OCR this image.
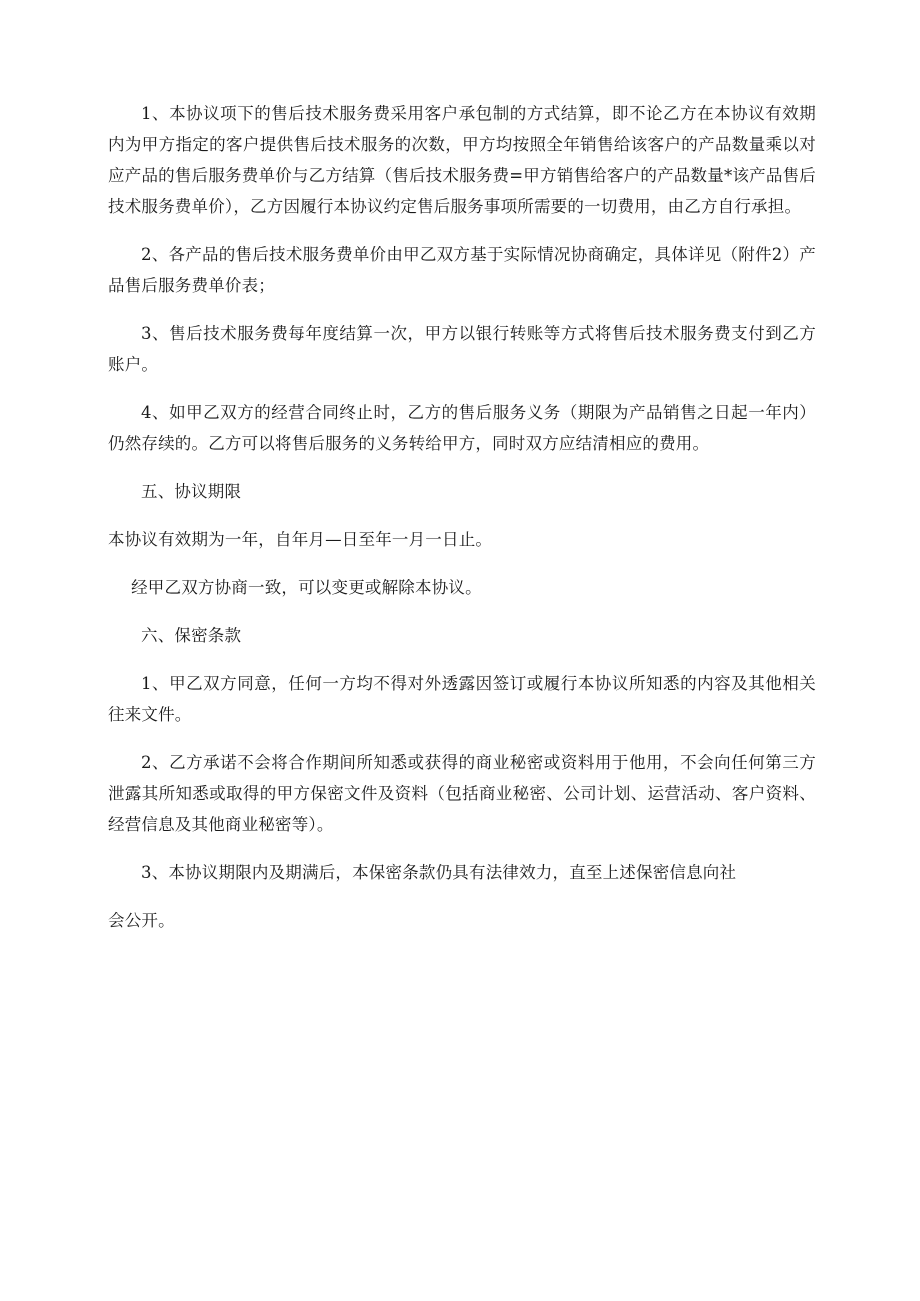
1、本协议项下的售后技术服务费采用客户承包制的方式结算，即不论乙方在本协议有效期内为甲方指定的客户提供售后技术服务的次数，甲方均按照全年销售给该客户的产品数量乘以对应产品的售后服务费单价与乙方结算（售后技术服务费=甲方销售给客户的产品数量*该产品售后技术服务费单价），乙方因履行本协议约定售后服务事项所需要的一切费用，由乙方自行承担。

2、各产品的售后技术服务费单价由甲乙双方基于实际情况协商确定，具体详见（附件2）产品售后服务费单价表；

3、售后技术服务费每年度结算一次，甲方以银行转账等方式将售后技术服务费支付到乙方账户。

4、如甲乙双方的经营合同终止时，乙方的售后服务义务（期限为产品销售之日起一年内）仍然存续的。乙方可以将售后服务的义务转给甲方，同时双方应结清相应的费用。

五、协议期限

本协议有效期为一年，自年月—日至年一月一日止。

经甲乙双方协商一致，可以变更或解除本协议。

六、保密条款

1、甲乙双方同意，任何一方均不得对外透露因签订或履行本协议所知悉的内容及其他相关往来文件。

2、乙方承诺不会将合作期间所知悉或获得的商业秘密或资料用于他用，不会向任何第三方泄露其所知悉或取得的甲方保密文件及资料（包括商业秘密、公司计划、运营活动、客户资料、经营信息及其他商业秘密等）。

3、本协议期限内及期满后，本保密条款仍具有法律效力，直至上述保密信息向社

会公开。
